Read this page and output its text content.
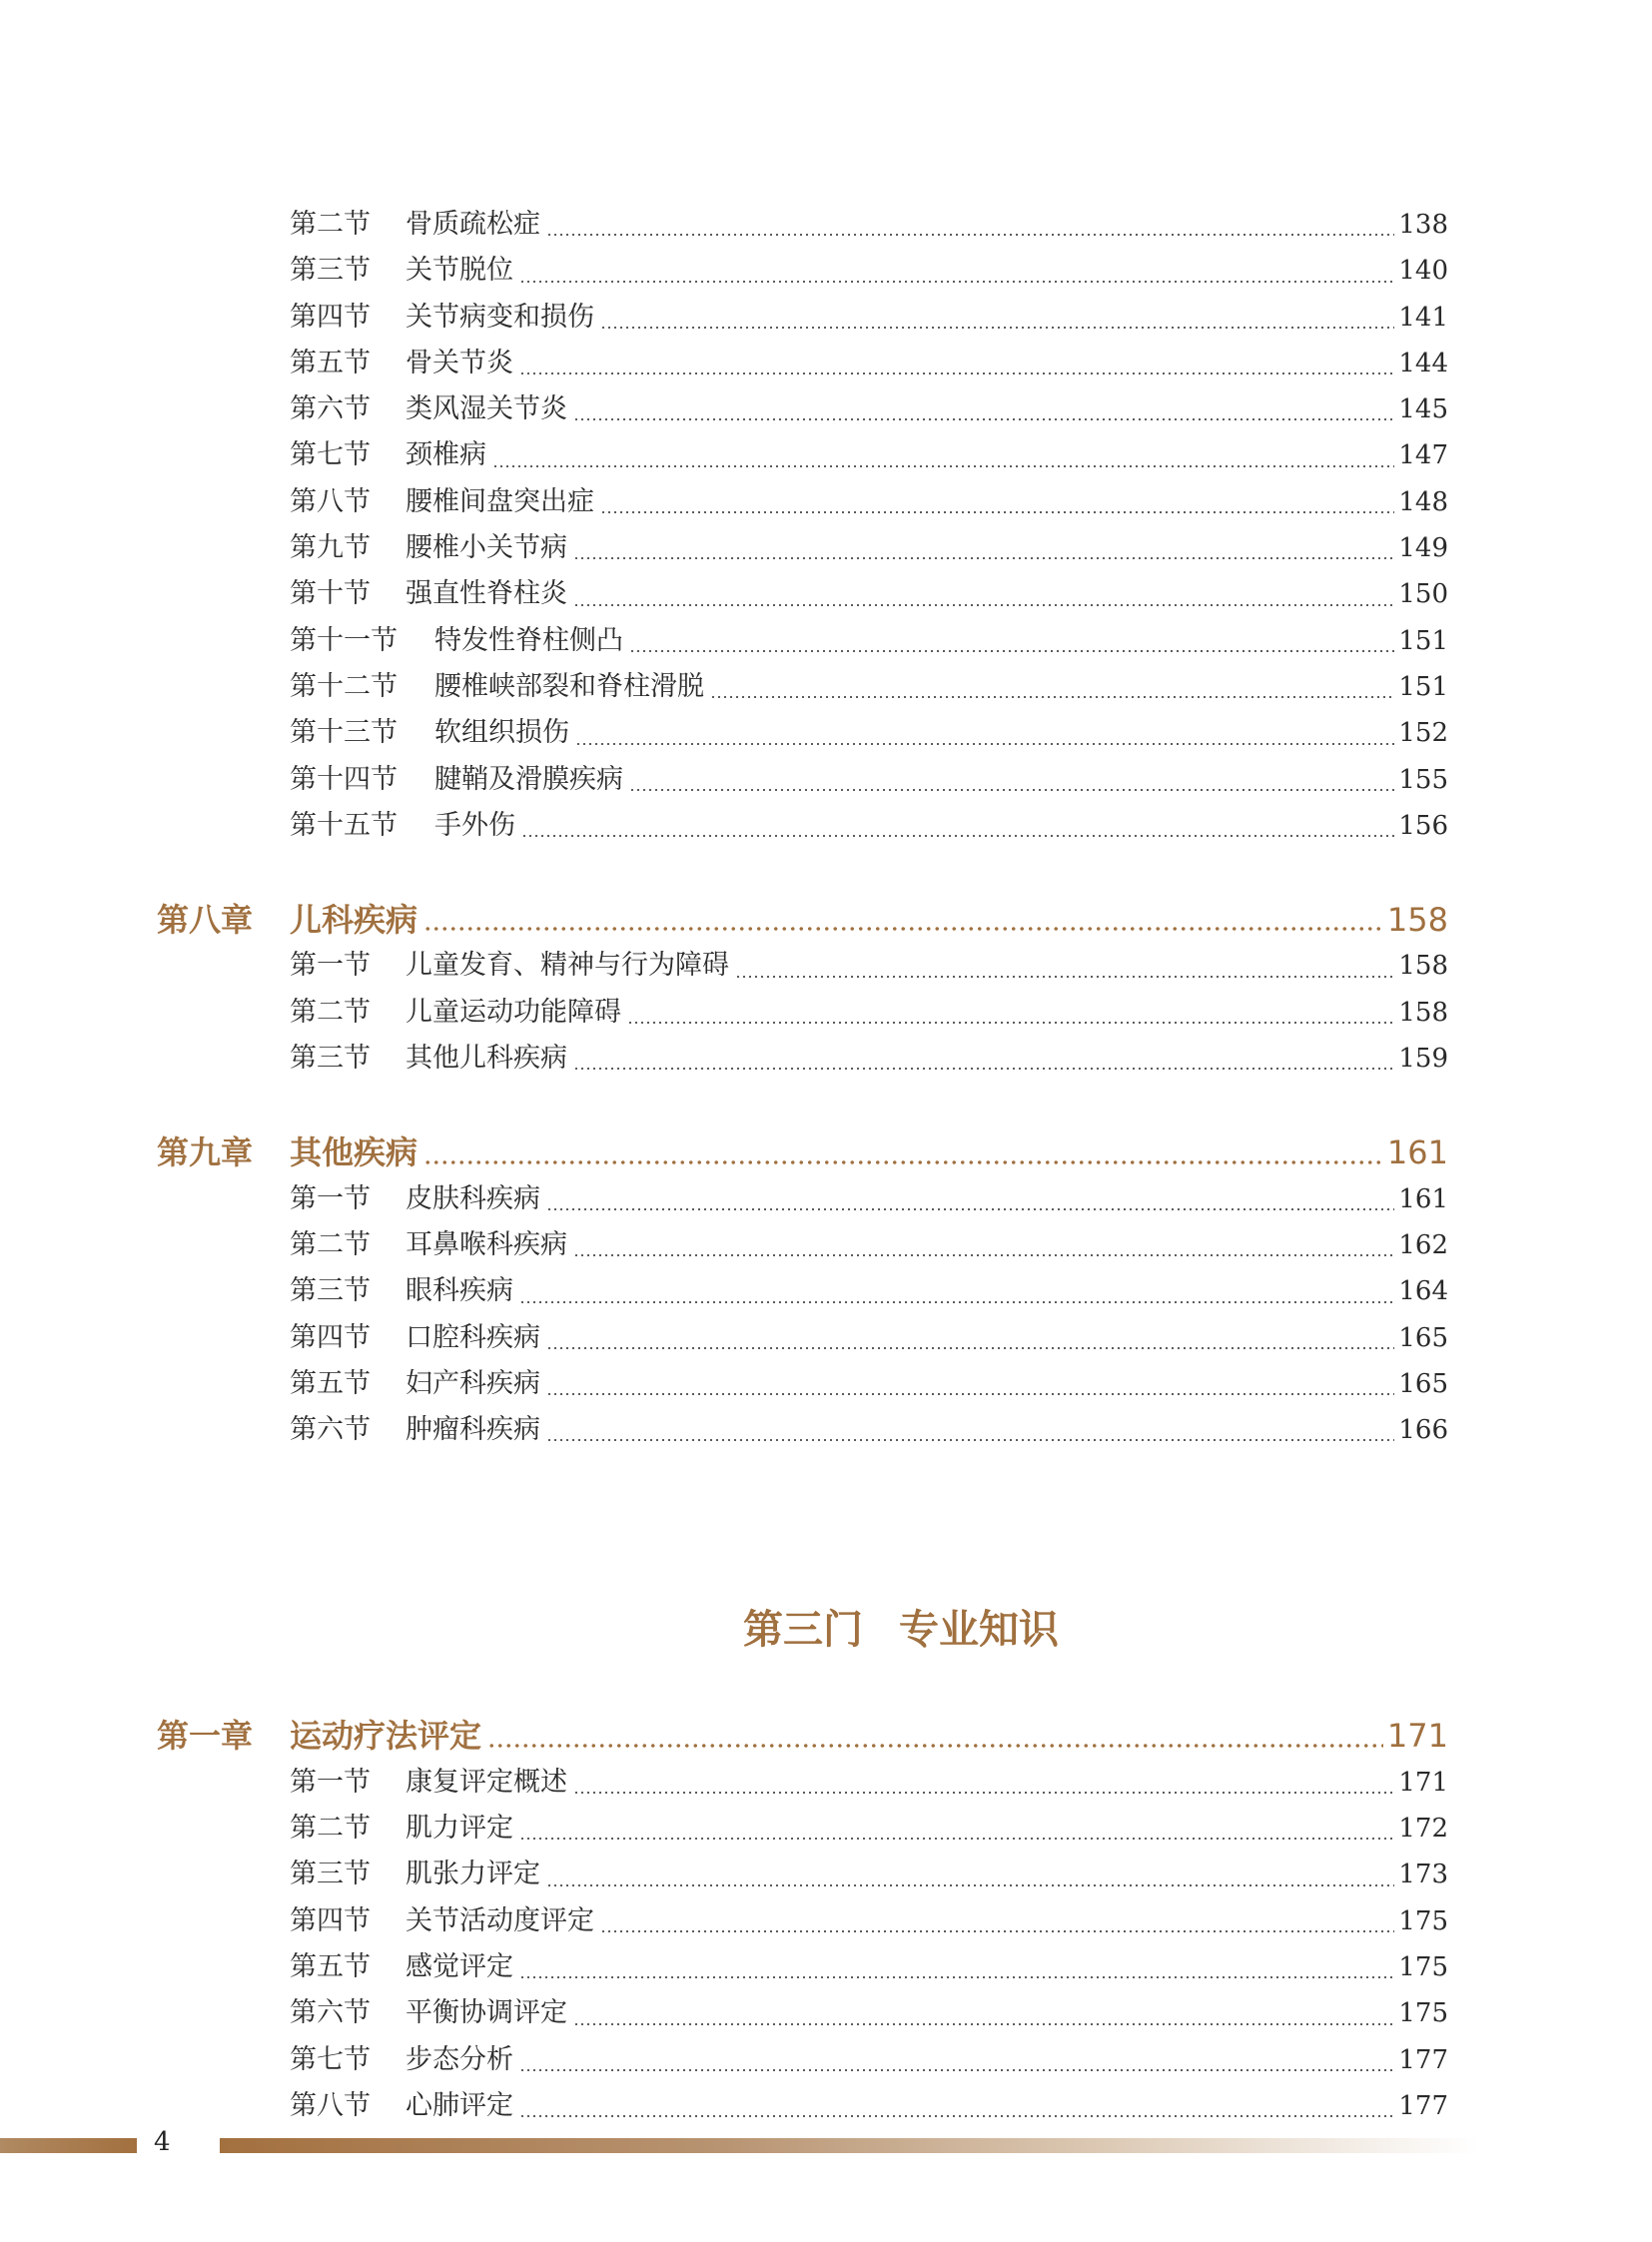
第二节	骨质疏松症	138
第三节	关节脱位	140
第四节	关节病变和损伤	141
第五节	骨关节炎	144
第六节	类风湿关节炎	145
第七节	颈椎病	147
第八节	腰椎间盘突出症	148
第九节	腰椎小关节病	149
第十节	强直性脊柱炎	150
第十一节	特发性脊柱侧凸	151
第十二节	腰椎峡部裂和脊柱滑脱	151
第十三节	软组织损伤	152
第十四节	腱鞘及滑膜疾病	155
第十五节	手外伤	156
第八章	儿科疾病	158
第一节	儿童发育、精神与行为障碍	158
第二节	儿童运动功能障碍	158
第三节	其他儿科疾病	159
第九章	其他疾病	161
第一节	皮肤科疾病	161
第二节	耳鼻喉科疾病	162
第三节	眼科疾病	164
第四节	口腔科疾病	165
第五节	妇产科疾病	165
第六节	肿瘤科疾病	166
第三门 专业知识
第一章	运动疗法评定	171
第一节	康复评定概述	171
第二节	肌力评定	172
第三节	肌张力评定	173
第四节	关节活动度评定	175
第五节	感觉评定	175
第六节	平衡协调评定	175
第七节	步态分析	177
第八节	心肺评定	177
4
